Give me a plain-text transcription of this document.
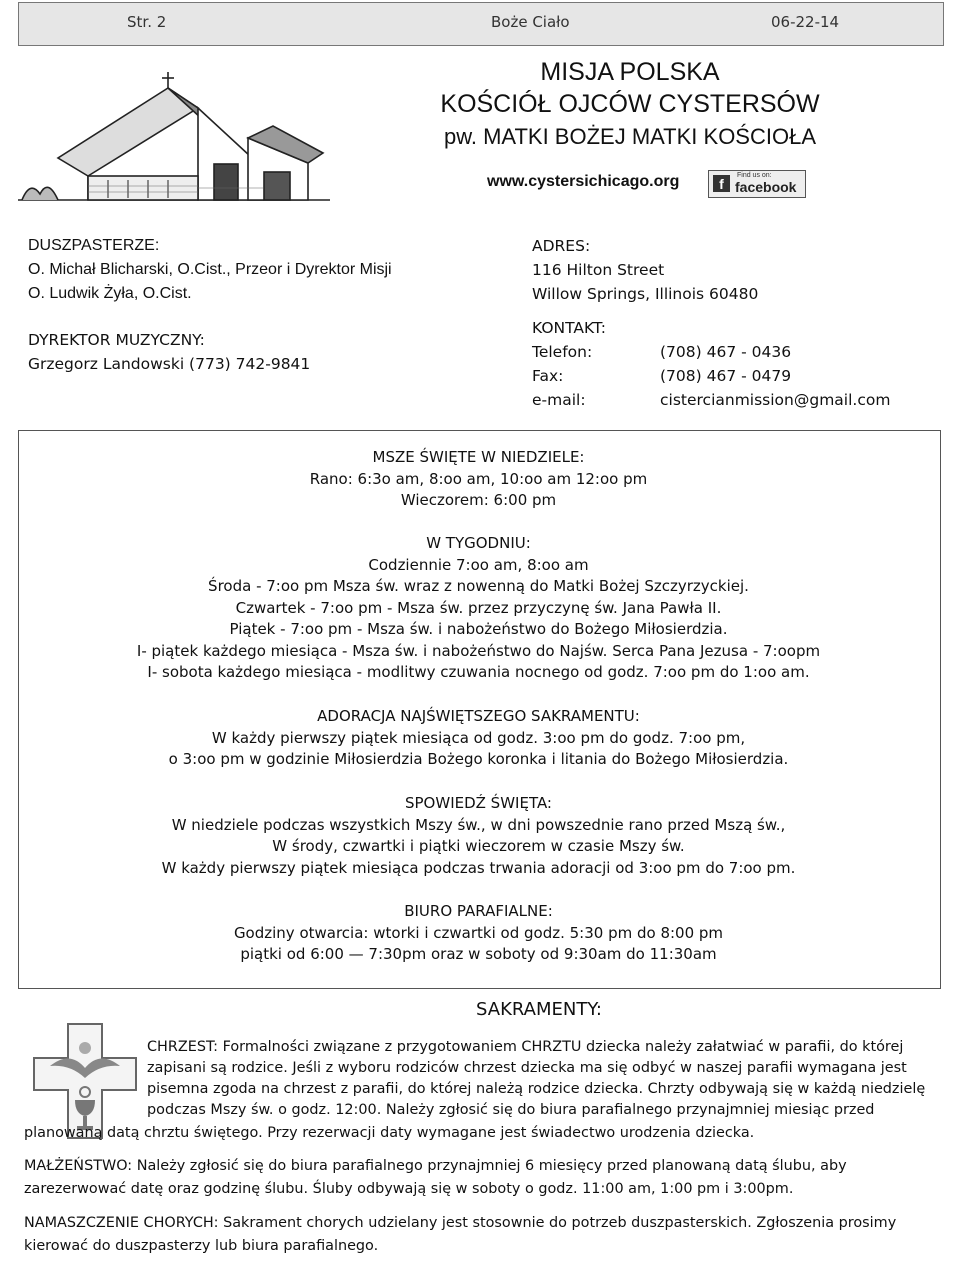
Str. 2	Boże Ciało	06-22-14
MISJA POLSKA
KOŚCIÓŁ OJCÓW CYSTERSÓW
pw. MATKI BOŻEJ MATKI KOŚCIOŁA
www.cystersichicago.org	f
Find us on:
facebook
DUSZPASTERZE:
O. Michał Blicharski, O.Cist., Przeor i Dyrektor Misji
O. Ludwik Żyła, O.Cist.
DYREKTOR MUZYCZNY:
Grzegorz Landowski (773) 742-9841
ADRES:
116 Hilton Street
Willow Springs, Illinois 60480
KONTAKT:
Telefon:	(708) 467 - 0436
Fax:	(708) 467 - 0479
e-mail:	cistercianmission@gmail.com
MSZE ŚWIĘTE W NIEDZIELE:
Rano: 6:3o am, 8:oo am, 10:oo am 12:oo pm
Wieczorem: 6:00 pm
W TYGODNIU:
Codziennie 7:oo am, 8:oo am
Środa - 7:oo pm Msza św. wraz z nowenną do Matki Bożej Szczyrzyckiej.
Czwartek - 7:oo pm - Msza św. przez przyczynę św. Jana Pawła II.
Piątek - 7:oo pm - Msza św. i nabożeństwo do Bożego Miłosierdzia.
I- piątek każdego miesiąca - Msza św. i nabożeństwo do Najśw. Serca Pana Jezusa - 7:oopm
I- sobota każdego miesiąca - modlitwy czuwania nocnego od godz. 7:oo pm do 1:oo am.
ADORACJA NAJŚWIĘTSZEGO SAKRAMENTU:
W każdy pierwszy piątek miesiąca od godz. 3:oo pm do godz. 7:oo pm,
o 3:oo pm w godzinie Miłosierdzia Bożego koronka i litania do Bożego Miłosierdzia.
SPOWIEDŹ ŚWIĘTA:
W niedziele podczas wszystkich Mszy św., w dni powszednie rano przed Mszą św.,
W środy, czwartki i piątki wieczorem w czasie Mszy św.
W każdy pierwszy piątek miesiąca podczas trwania adoracji od 3:oo pm do 7:oo pm.
BIURO PARAFIALNE:
Godziny otwarcia: wtorki i czwartki od godz. 5:30 pm do 8:00 pm
piątki od 6:00 — 7:30pm oraz w soboty od 9:30am do 11:30am
SAKRAMENTY:
CHRZEST: Formalności związane z przygotowaniem CHRZTU dziecka należy załatwiać w parafii, do której
zapisani są rodzice. Jeśli z wyboru rodziców chrzest dziecka ma się odbyć w naszej parafii wymagana jest
pisemna zgoda na chrzest z parafii, do której należą rodzice dziecka. Chrzty odbywają się w każdą niedzielę
podczas Mszy św. o godz. 12:00. Należy zgłosić się do biura parafialnego przynajmniej miesiąc przed
planowaną datą chrztu świętego. Przy rezerwacji daty wymagane jest świadectwo urodzenia dziecka.
MAŁŻEŃSTWO: Należy zgłosić się do biura parafialnego przynajmniej 6 miesięcy przed planowaną datą ślubu, aby
zarezerwować datę oraz godzinę ślubu. Śluby odbywają się w soboty o godz. 11:00 am, 1:00 pm i 3:00pm.
NAMASZCZENIE CHORYCH: Sakrament chorych udzielany jest stosownie do potrzeb duszpasterskich. Zgłoszenia prosimy
kierować do duszpasterzy lub biura parafialnego.
